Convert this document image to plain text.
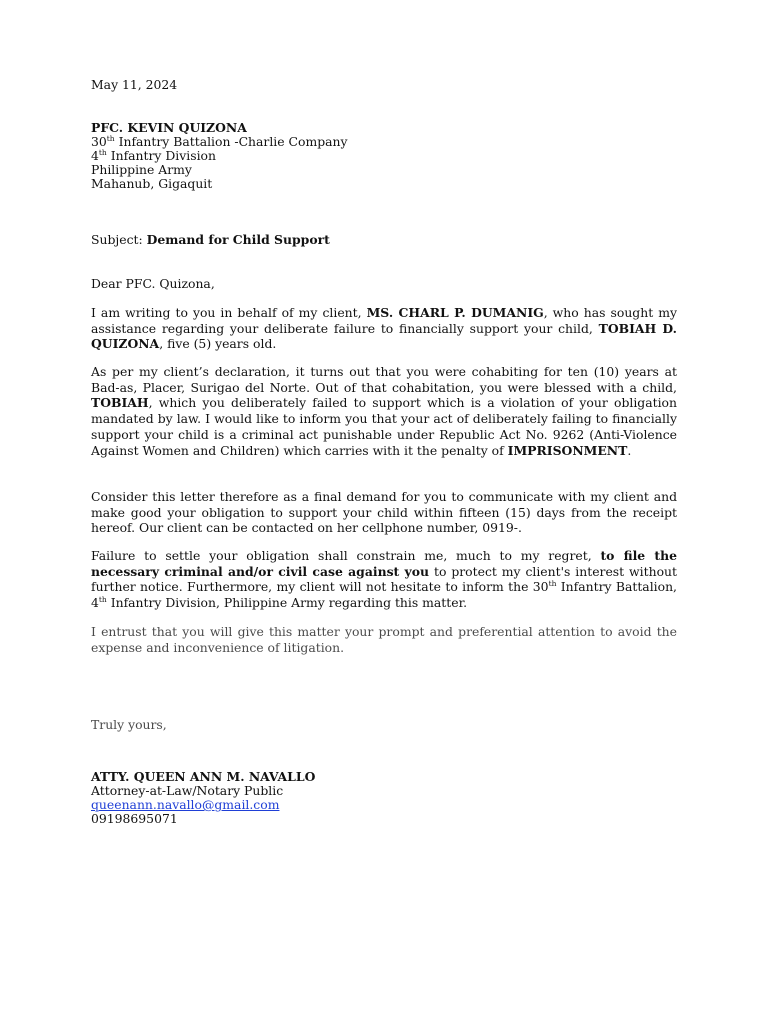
May 11, 2024
PFC. KEVIN QUIZONA
30th Infantry Battalion -Charlie Company
4th Infantry Division
Philippine Army
Mahanub, Gigaquit
Subject: Demand for Child Support
Dear PFC. Quizona,
I am writing to you in behalf of my client, MS. CHARL P. DUMANIG, who has sought my assistance regarding your deliberate failure to financially support your child, TOBIAH D. QUIZONA, five (5) years old.
As per my client’s declaration, it turns out that you were cohabiting for ten (10) years at Bad-as, Placer, Surigao del Norte. Out of that cohabitation, you were blessed with a child, TOBIAH, which you deliberately failed to support which is a violation of your obligation mandated by law. I would like to inform you that your act of deliberately failing to financially support your child is a criminal act punishable under Republic Act No. 9262 (Anti-Violence Against Women and Children) which carries with it the penalty of IMPRISONMENT.
Consider this letter therefore as a final demand for you to communicate with my client and make good your obligation to support your child within fifteen (15) days from the receipt hereof. Our client can be contacted on her cellphone number, 0919-.
Failure to settle your obligation shall constrain me, much to my regret, to file the necessary criminal and/or civil case against you to protect my client's interest without further notice. Furthermore, my client will not hesitate to inform the 30th Infantry Battalion, 4th Infantry Division, Philippine Army regarding this matter.
I entrust that you will give this matter your prompt and preferential attention to avoid the expense and inconvenience of litigation.
Truly yours,
ATTY. QUEEN ANN M. NAVALLO
Attorney-at-Law/Notary Public
queenann.navallo@gmail.com
09198695071
